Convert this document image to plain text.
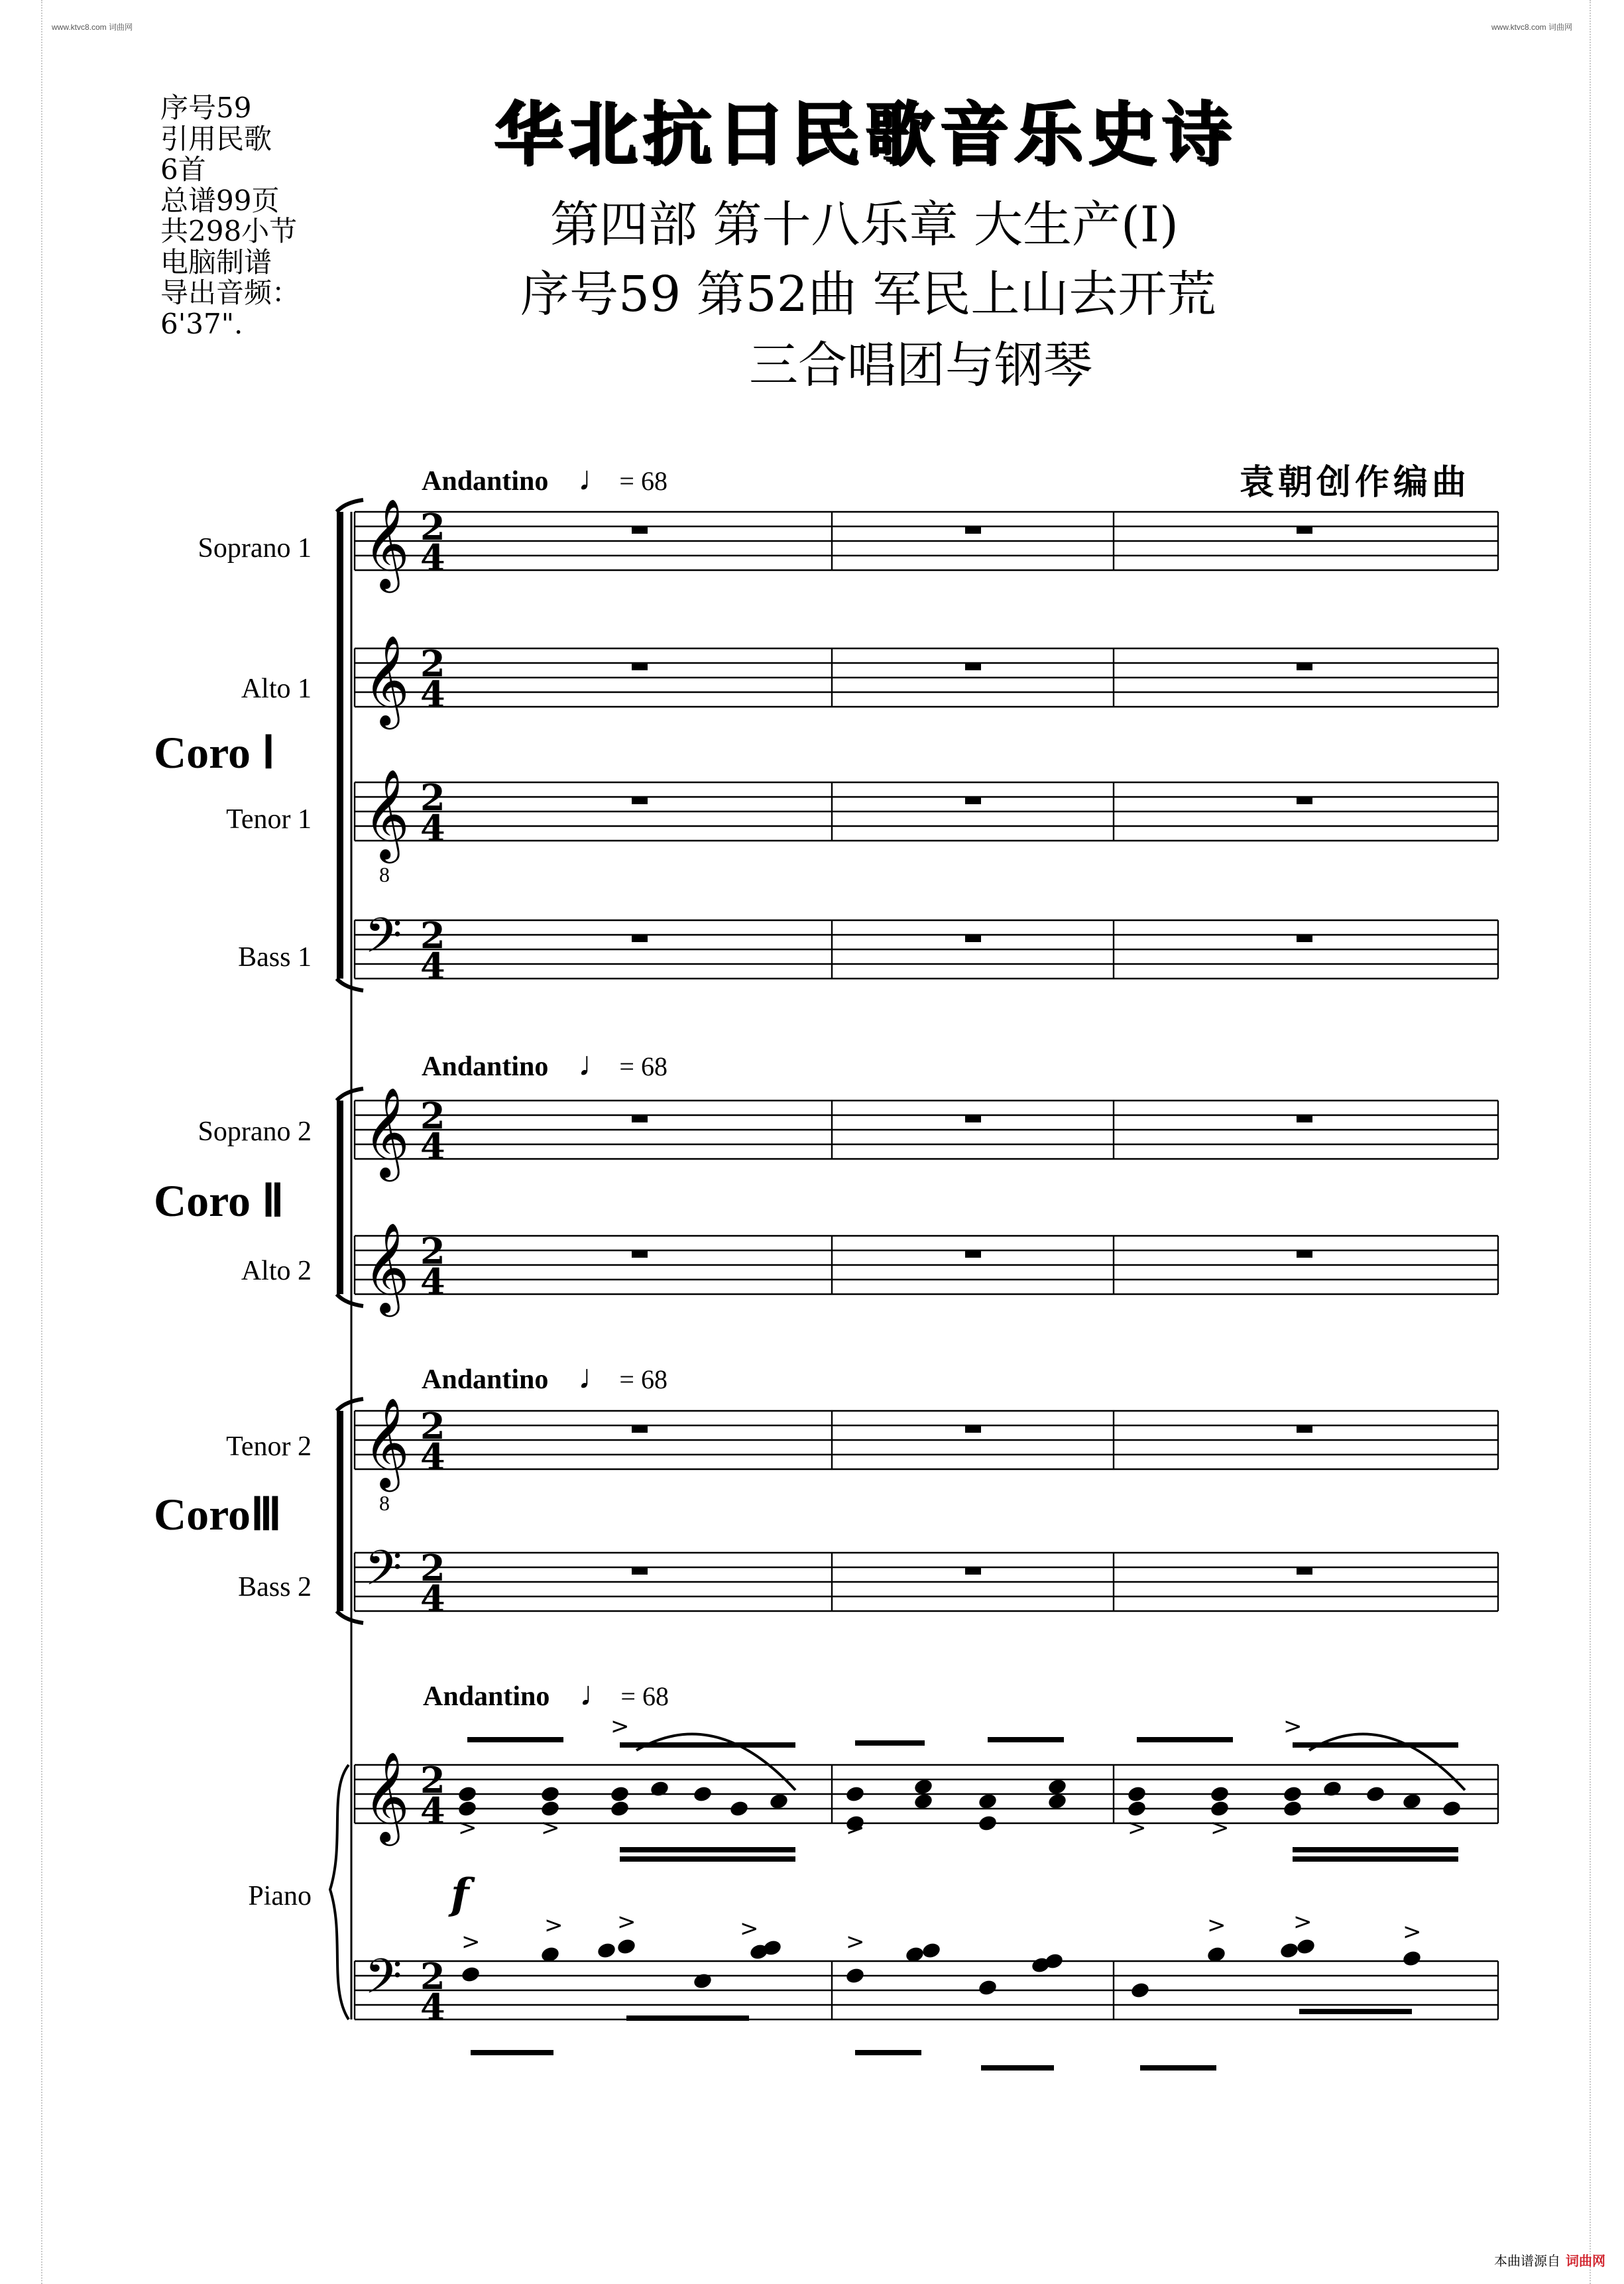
www.ktvc8.com 词曲网	www.ktvc8.com 词曲网
序号59
引用民歌
6首
总谱99页
共298小节
电脑制谱
导出音频：
6'37".
华北抗日民歌音乐史诗
第四部 第十八乐章 大生产(Ⅰ)
序号59 第52曲 军民上山去开荒
三合唱团与钢琴
袁朝创作编曲
Andantino ♩ = 68
Andantino ♩ = 68
Andantino ♩ = 68
Andantino ♩ = 68
Soprano 1
Alto 1
Tenor 1
Bass 1
Soprano 2
Alto 2
Tenor 2
Bass 2
Piano
Coro Ⅰ
Coro Ⅱ
CoroⅢ
f
𝄞 2
4
𝄞 2
4
𝄞
8
2
4
𝄢 2
4
𝄞 2
4
𝄞 2
4
𝄞
8
2
4
𝄢 2
4
𝄞 2
4
𝄢 2
4
>	>	>	>	>
>	>
>
> >	>	>
>	>	>
本曲谱源自 词曲网
